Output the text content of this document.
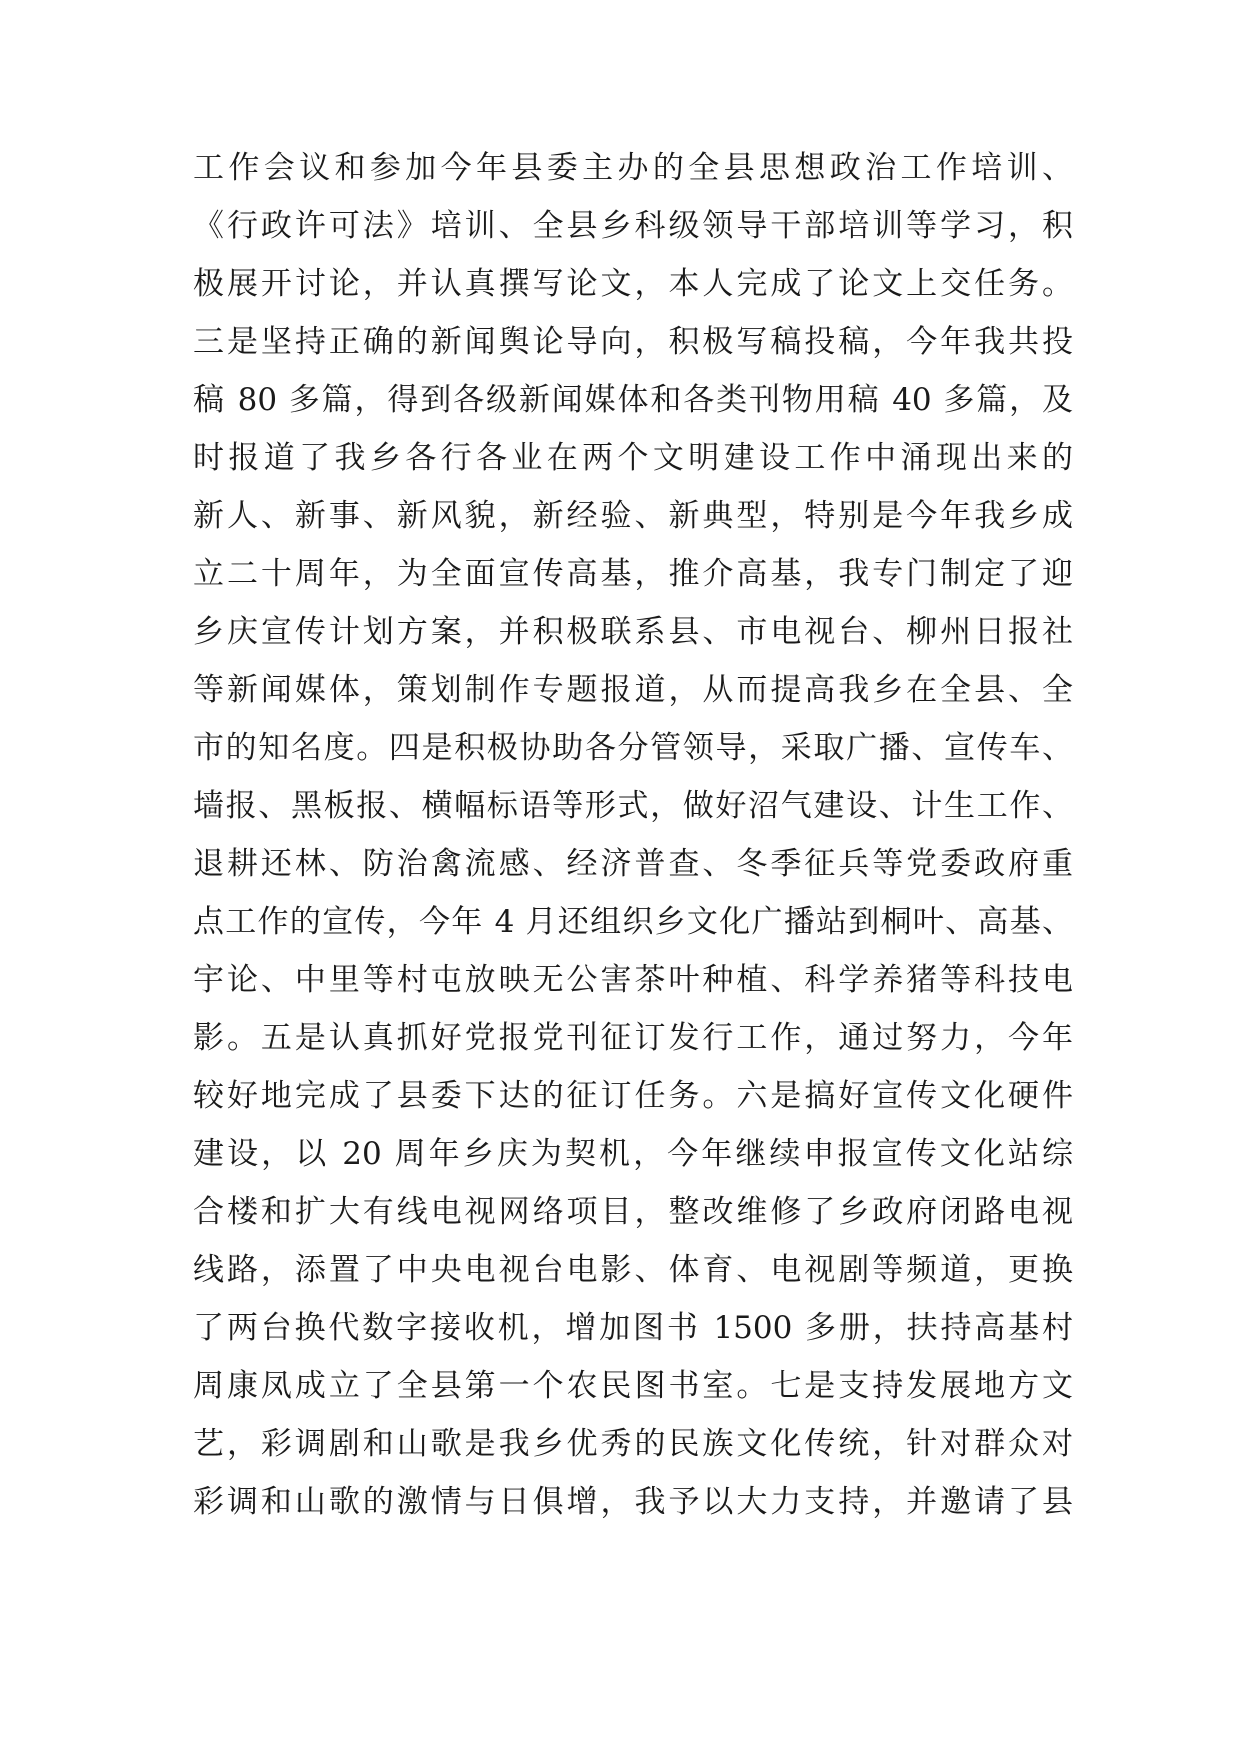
工作会议和参加今年县委主办的全县思想政治工作培训、
《行政许可法》培训、全县乡科级领导干部培训等学习，积
极展开讨论，并认真撰写论文，本人完成了论文上交任务。
三是坚持正确的新闻舆论导向，积极写稿投稿，今年我共投
稿 80 多篇，得到各级新闻媒体和各类刊物用稿 40 多篇，及
时报道了我乡各行各业在两个文明建设工作中涌现出来的
新人、新事、新风貌，新经验、新典型，特别是今年我乡成
立二十周年，为全面宣传高基，推介高基，我专门制定了迎
乡庆宣传计划方案，并积极联系县、市电视台、柳州日报社
等新闻媒体，策划制作专题报道，从而提高我乡在全县、全
市的知名度。四是积极协助各分管领导，采取广播、宣传车、
墙报、黑板报、横幅标语等形式，做好沼气建设、计生工作、
退耕还林、防治禽流感、经济普查、冬季征兵等党委政府重
点工作的宣传，今年 4 月还组织乡文化广播站到桐叶、高基、
宇论、中里等村屯放映无公害茶叶种植、科学养猪等科技电
影。五是认真抓好党报党刊征订发行工作，通过努力，今年
较好地完成了县委下达的征订任务。六是搞好宣传文化硬件
建设，以 20 周年乡庆为契机，今年继续申报宣传文化站综
合楼和扩大有线电视网络项目，整改维修了乡政府闭路电视
线路，添置了中央电视台电影、体育、电视剧等频道，更换
了两台换代数字接收机，增加图书 1500 多册，扶持高基村
周康凤成立了全县第一个农民图书室。七是支持发展地方文
艺，彩调剧和山歌是我乡优秀的民族文化传统，针对群众对
彩调和山歌的激情与日俱增，我予以大力支持，并邀请了县
